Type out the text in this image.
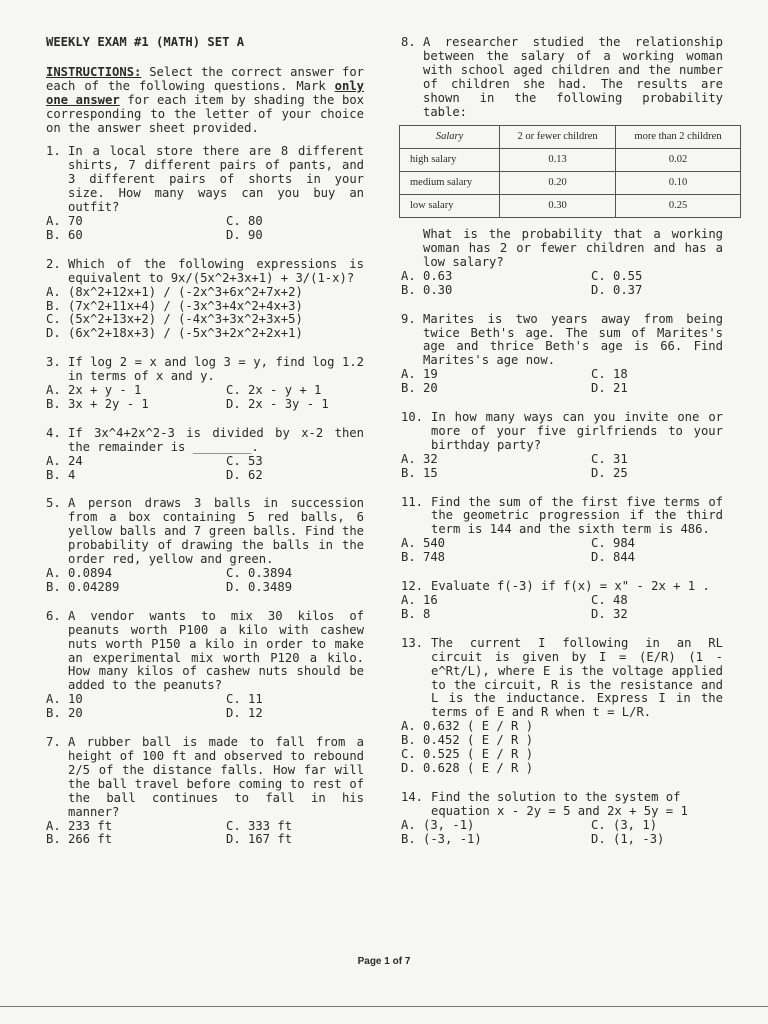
WEEKLY EXAM #1 (MATH) SET A
INSTRUCTIONS: Select the correct answer for each of the following questions. Mark only one answer for each item by shading the box corresponding to the letter of your choice on the answer sheet provided.
1. In a local store there are 8 different shirts, 7 different pairs of pants, and 3 different pairs of shorts in your size. How many ways can you buy an outfit?
A. 70	C. 80
B. 60	D. 90
2. Which of the following expressions is equivalent to 9x/(5x^2+3x+1) + 3/(1-x)?
A. (8x^2+12x+1) / (-2x^3+6x^2+7x+2)
B. (7x^2+11x+4) / (-3x^3+4x^2+4x+3)
C. (5x^2+13x+2) / (-4x^3+3x^2+3x+5)
D. (6x^2+18x+3) / (-5x^3+2x^2+2x+1)
3. If log 2 = x and log 3 = y, find log 1.2 in terms of x and y.
A. 2x + y - 1	C. 2x - y + 1
B. 3x + 2y - 1	D. 2x - 3y - 1
4. If 3x^4+2x^2-3 is divided by x-2 then the remainder is ________.
A. 24	C. 53
B. 4	D. 62
5. A person draws 3 balls in succession from a box containing 5 red balls, 6 yellow balls and 7 green balls. Find the probability of drawing the balls in the order red, yellow and green.
A. 0.0894	C. 0.3894
B. 0.04289	D. 0.3489
6. A vendor wants to mix 30 kilos of peanuts worth P100 a kilo with cashew nuts worth P150 a kilo in order to make an experimental mix worth P120 a kilo. How many kilos of cashew nuts should be added to the peanuts?
A. 10	C. 11
B. 20	D. 12
7. A rubber ball is made to fall from a height of 100 ft and observed to rebound 2/5 of the distance falls. How far will the ball travel before coming to rest of the ball continues to fall in his manner?
A. 233 ft	C. 333 ft
B. 266 ft	D. 167 ft
8. A researcher studied the relationship between the salary of a working woman with school aged children and the number of children she had. The results are shown in the following probability table:
Salary	2 or fewer children	more than 2 children
high salary	0.13	0.02
medium salary	0.20	0.10
low salary	0.30	0.25
What is the probability that a working woman has 2 or fewer children and has a low salary?
A. 0.63	C. 0.55
B. 0.30	D. 0.37
9. Marites is two years away from being twice Beth's age. The sum of Marites's age and thrice Beth's age is 66. Find Marites's age now.
A. 19	C. 18
B. 20	D. 21
10. In how many ways can you invite one or more of your five girlfriends to your birthday party?
A. 32	C. 31
B. 15	D. 25
11. Find the sum of the first five terms of the geometric progression if the third term is 144 and the sixth term is 486.
A. 540	C. 984
B. 748	D. 844
12. Evaluate f(-3) if f(x) = x" - 2x + 1 .
A. 16	C. 48
B. 8	D. 32
13. The current I following in an RL circuit is given by I = (E/R) (1 - e^Rt/L), where E is the voltage applied to the circuit, R is the resistance and L is the inductance. Express I in the terms of E and R when t = L/R.
A. 0.632 ( E / R )
B. 0.452 ( E / R )
C. 0.525 ( E / R )
D. 0.628 ( E / R )
14. Find the solution to the system of equation x - 2y = 5 and 2x + 5y = 1
A. (3, -1)	C. (3, 1)
B. (-3, -1)	D. (1, -3)
Page 1 of 7
